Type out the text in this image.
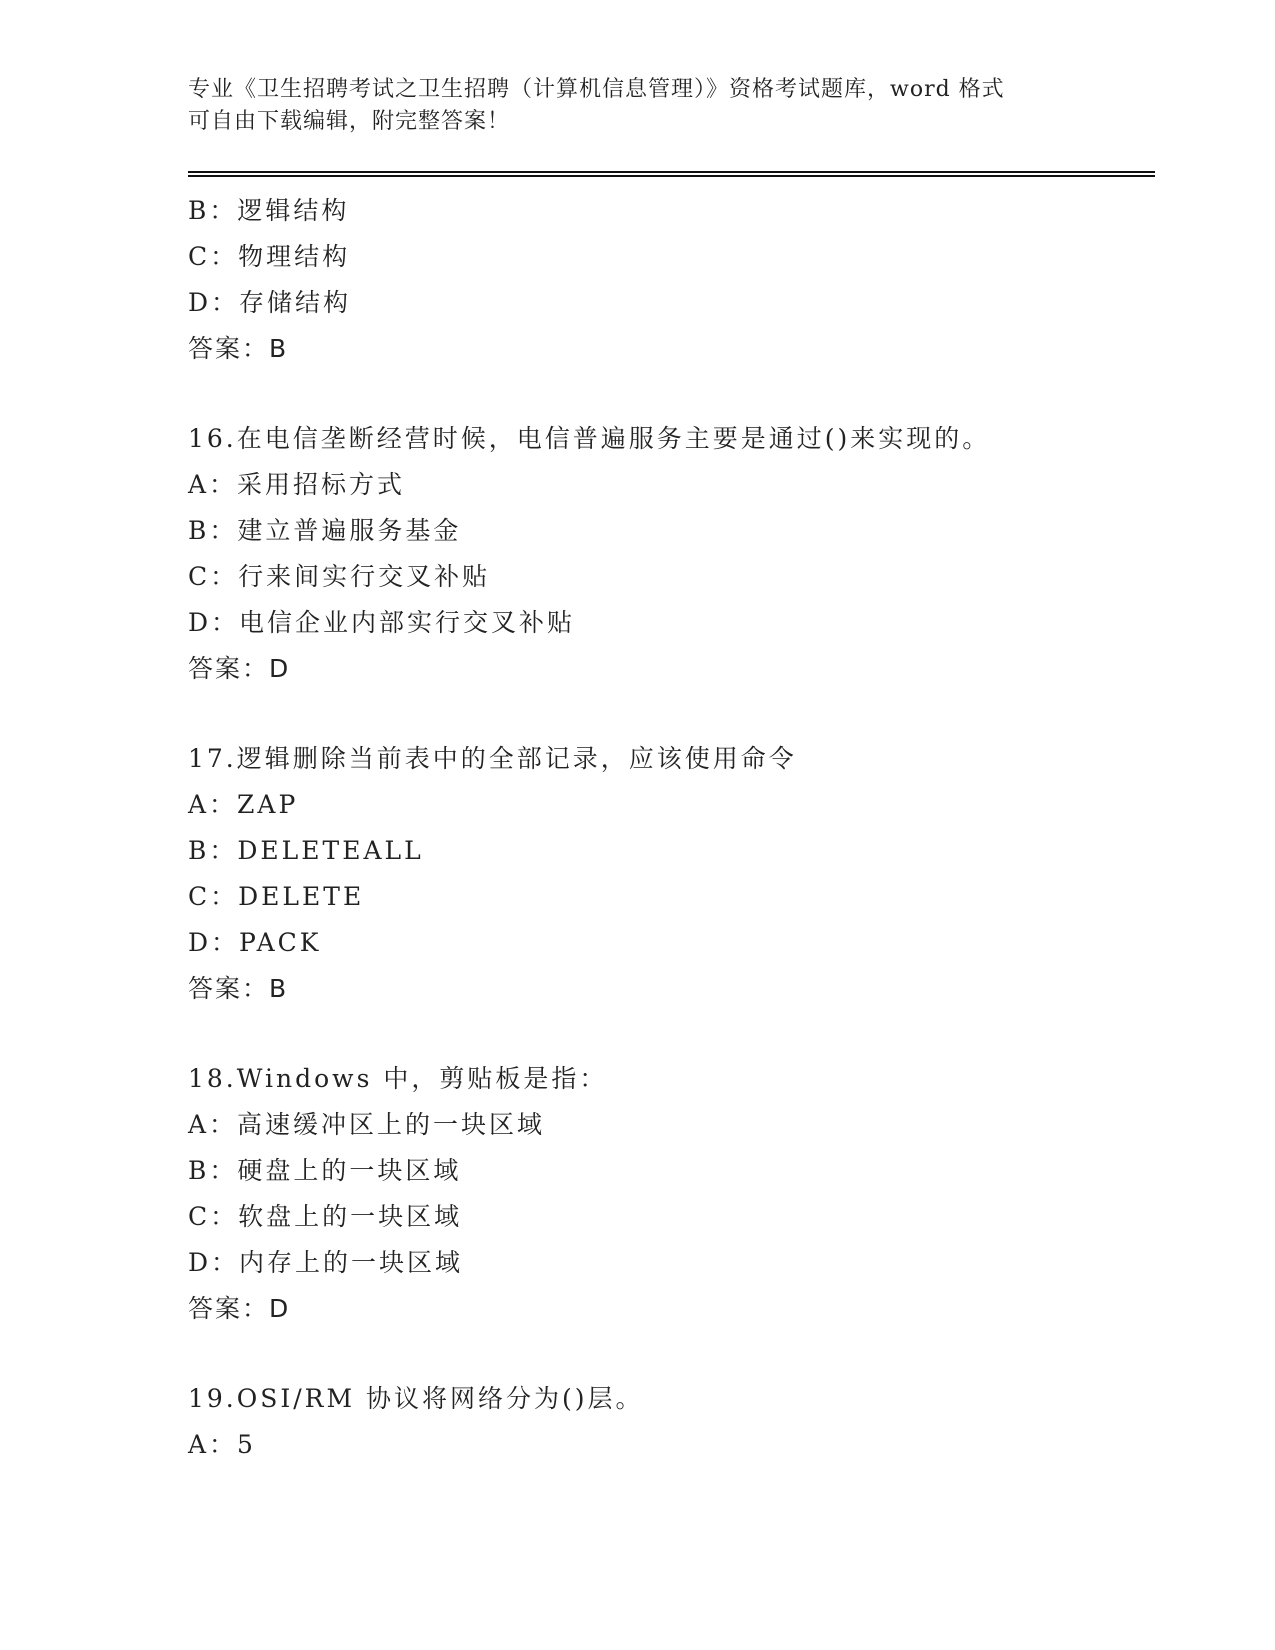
专业《卫生招聘考试之卫生招聘（计算机信息管理）》资格考试题库，word 格式
可自由下载编辑，附完整答案！
B：逻辑结构
C：物理结构
D：存储结构
答案：B
16.在电信垄断经营时候，电信普遍服务主要是通过()来实现的。
A：采用招标方式
B：建立普遍服务基金
C：行来间实行交叉补贴
D：电信企业内部实行交叉补贴
答案：D
17.逻辑删除当前表中的全部记录，应该使用命令
A：ZAP
B：DELETEALL
C：DELETE
D：PACK
答案：B
18.Windows 中，剪贴板是指：
A：高速缓冲区上的一块区域
B：硬盘上的一块区域
C：软盘上的一块区域
D：内存上的一块区域
答案：D
19.OSI/RM 协议将网络分为()层。
A：5
